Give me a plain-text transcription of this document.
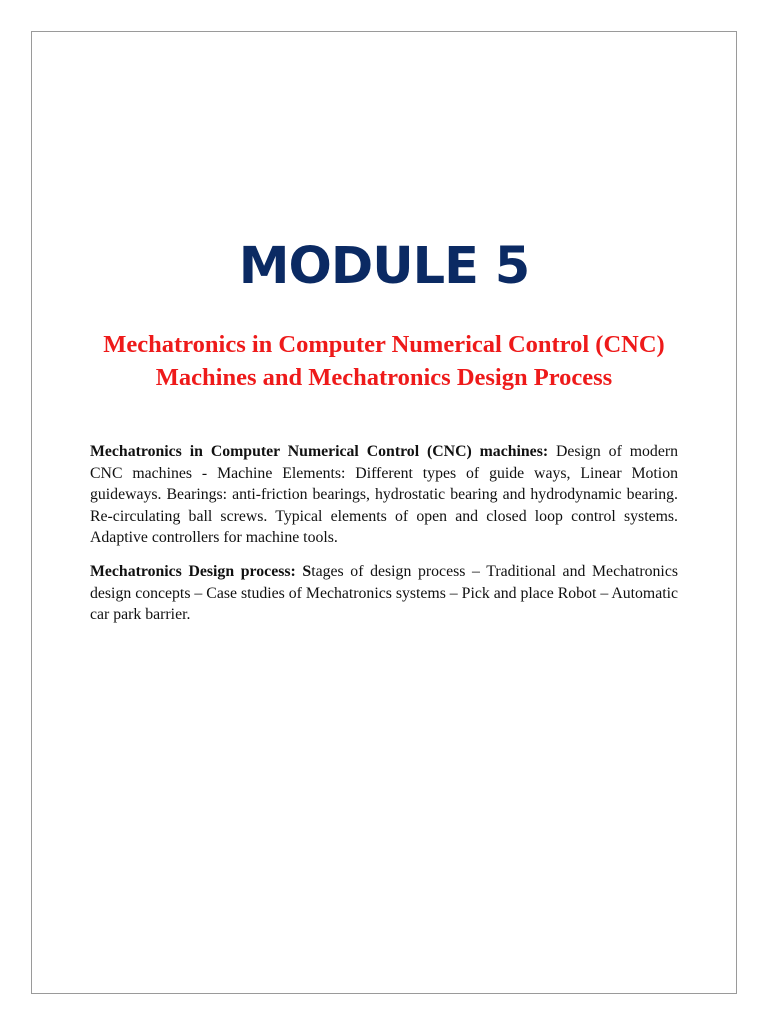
MODULE 5
Mechatronics in Computer Numerical Control (CNC) Machines and Mechatronics Design Process

Mechatronics in Computer Numerical Control (CNC) machines: Design of modern CNC machines - Machine Elements: Different types of guide ways, Linear Motion guideways. Bearings: anti-friction bearings, hydrostatic bearing and hydrodynamic bearing. Re-circulating ball screws. Typical elements of open and closed loop control systems. Adaptive controllers for machine tools.

Mechatronics Design process: Stages of design process – Traditional and Mechatronics design concepts – Case studies of Mechatronics systems – Pick and place Robot – Automatic car park barrier.
